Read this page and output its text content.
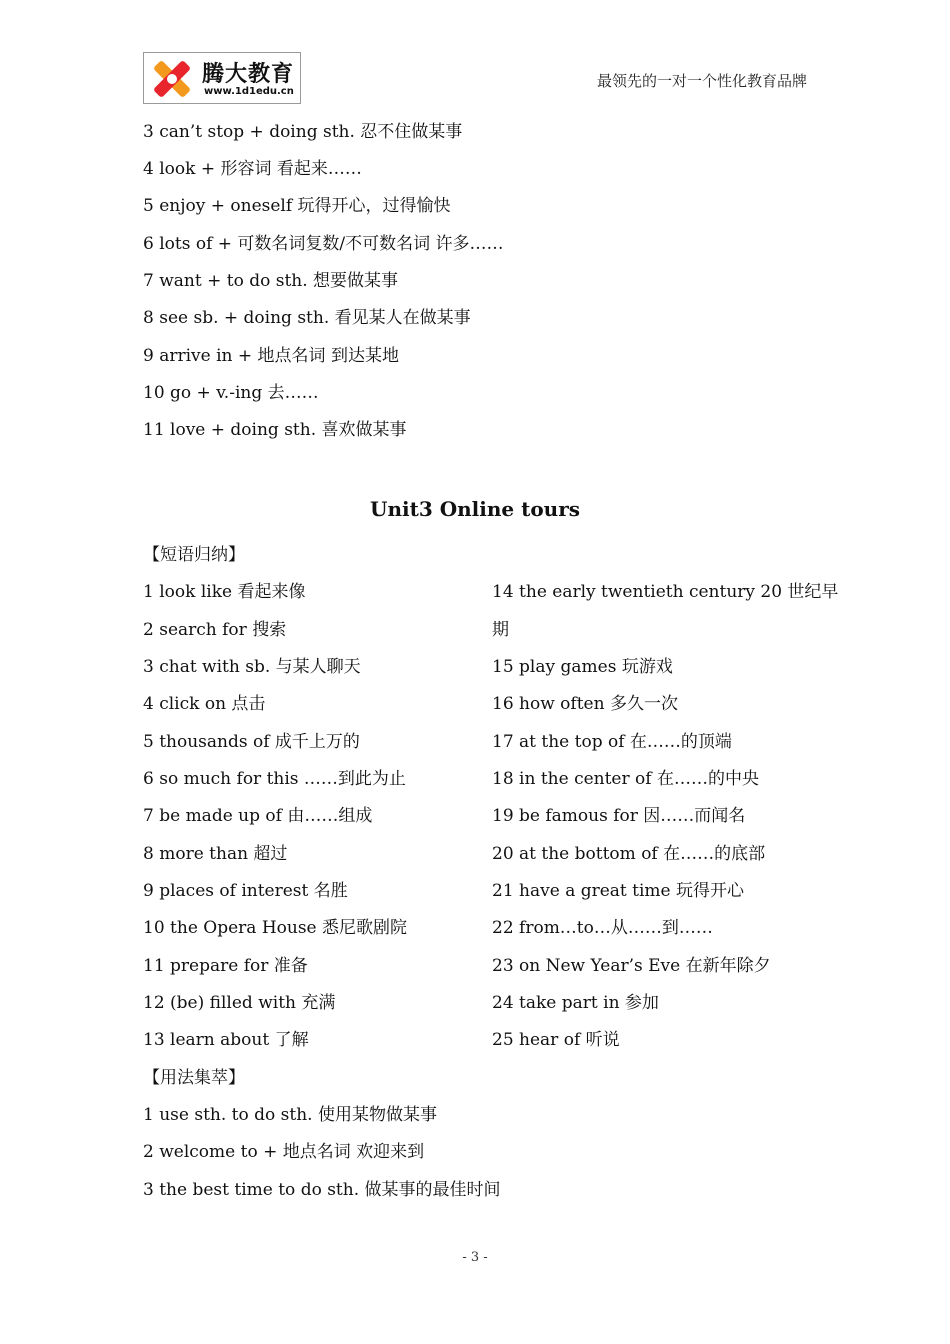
腾大教育
www.1d1edu.cn
最领先的一对一个性化教育品牌
3 can’t stop + doing sth. 忍不住做某事
4 look + 形容词 看起来……
5 enjoy + oneself 玩得开心，过得愉快
6 lots of + 可数名词复数/不可数名词 许多……
7 want + to do sth. 想要做某事
8 see sb. + doing sth. 看见某人在做某事
9 arrive in + 地点名词 到达某地
10 go + v.-ing 去……
11 love + doing sth. 喜欢做某事
Unit3 Online tours
【短语归纳】
1 look like 看起来像
2 search for 搜索
3 chat with sb. 与某人聊天
4 click on 点击
5 thousands of 成千上万的
6 so much for this ……到此为止
7 be made up of 由……组成
8 more than 超过
9 places of interest 名胜
10 the Opera House 悉尼歌剧院
11 prepare for 准备
12 (be) filled with 充满
13 learn about 了解
14 the early twentieth century 20 世纪早
期
15 play games 玩游戏
16 how often 多久一次
17 at the top of 在……的顶端
18 in the center of 在……的中央
19 be famous for 因……而闻名
20 at the bottom of 在……的底部
21 have a great time 玩得开心
22 from…to…从……到……
23 on New Year’s Eve 在新年除夕
24 take part in 参加
25 hear of 听说
【用法集萃】
1 use sth. to do sth. 使用某物做某事
2 welcome to + 地点名词 欢迎来到
3 the best time to do sth. 做某事的最佳时间
- 3 -
